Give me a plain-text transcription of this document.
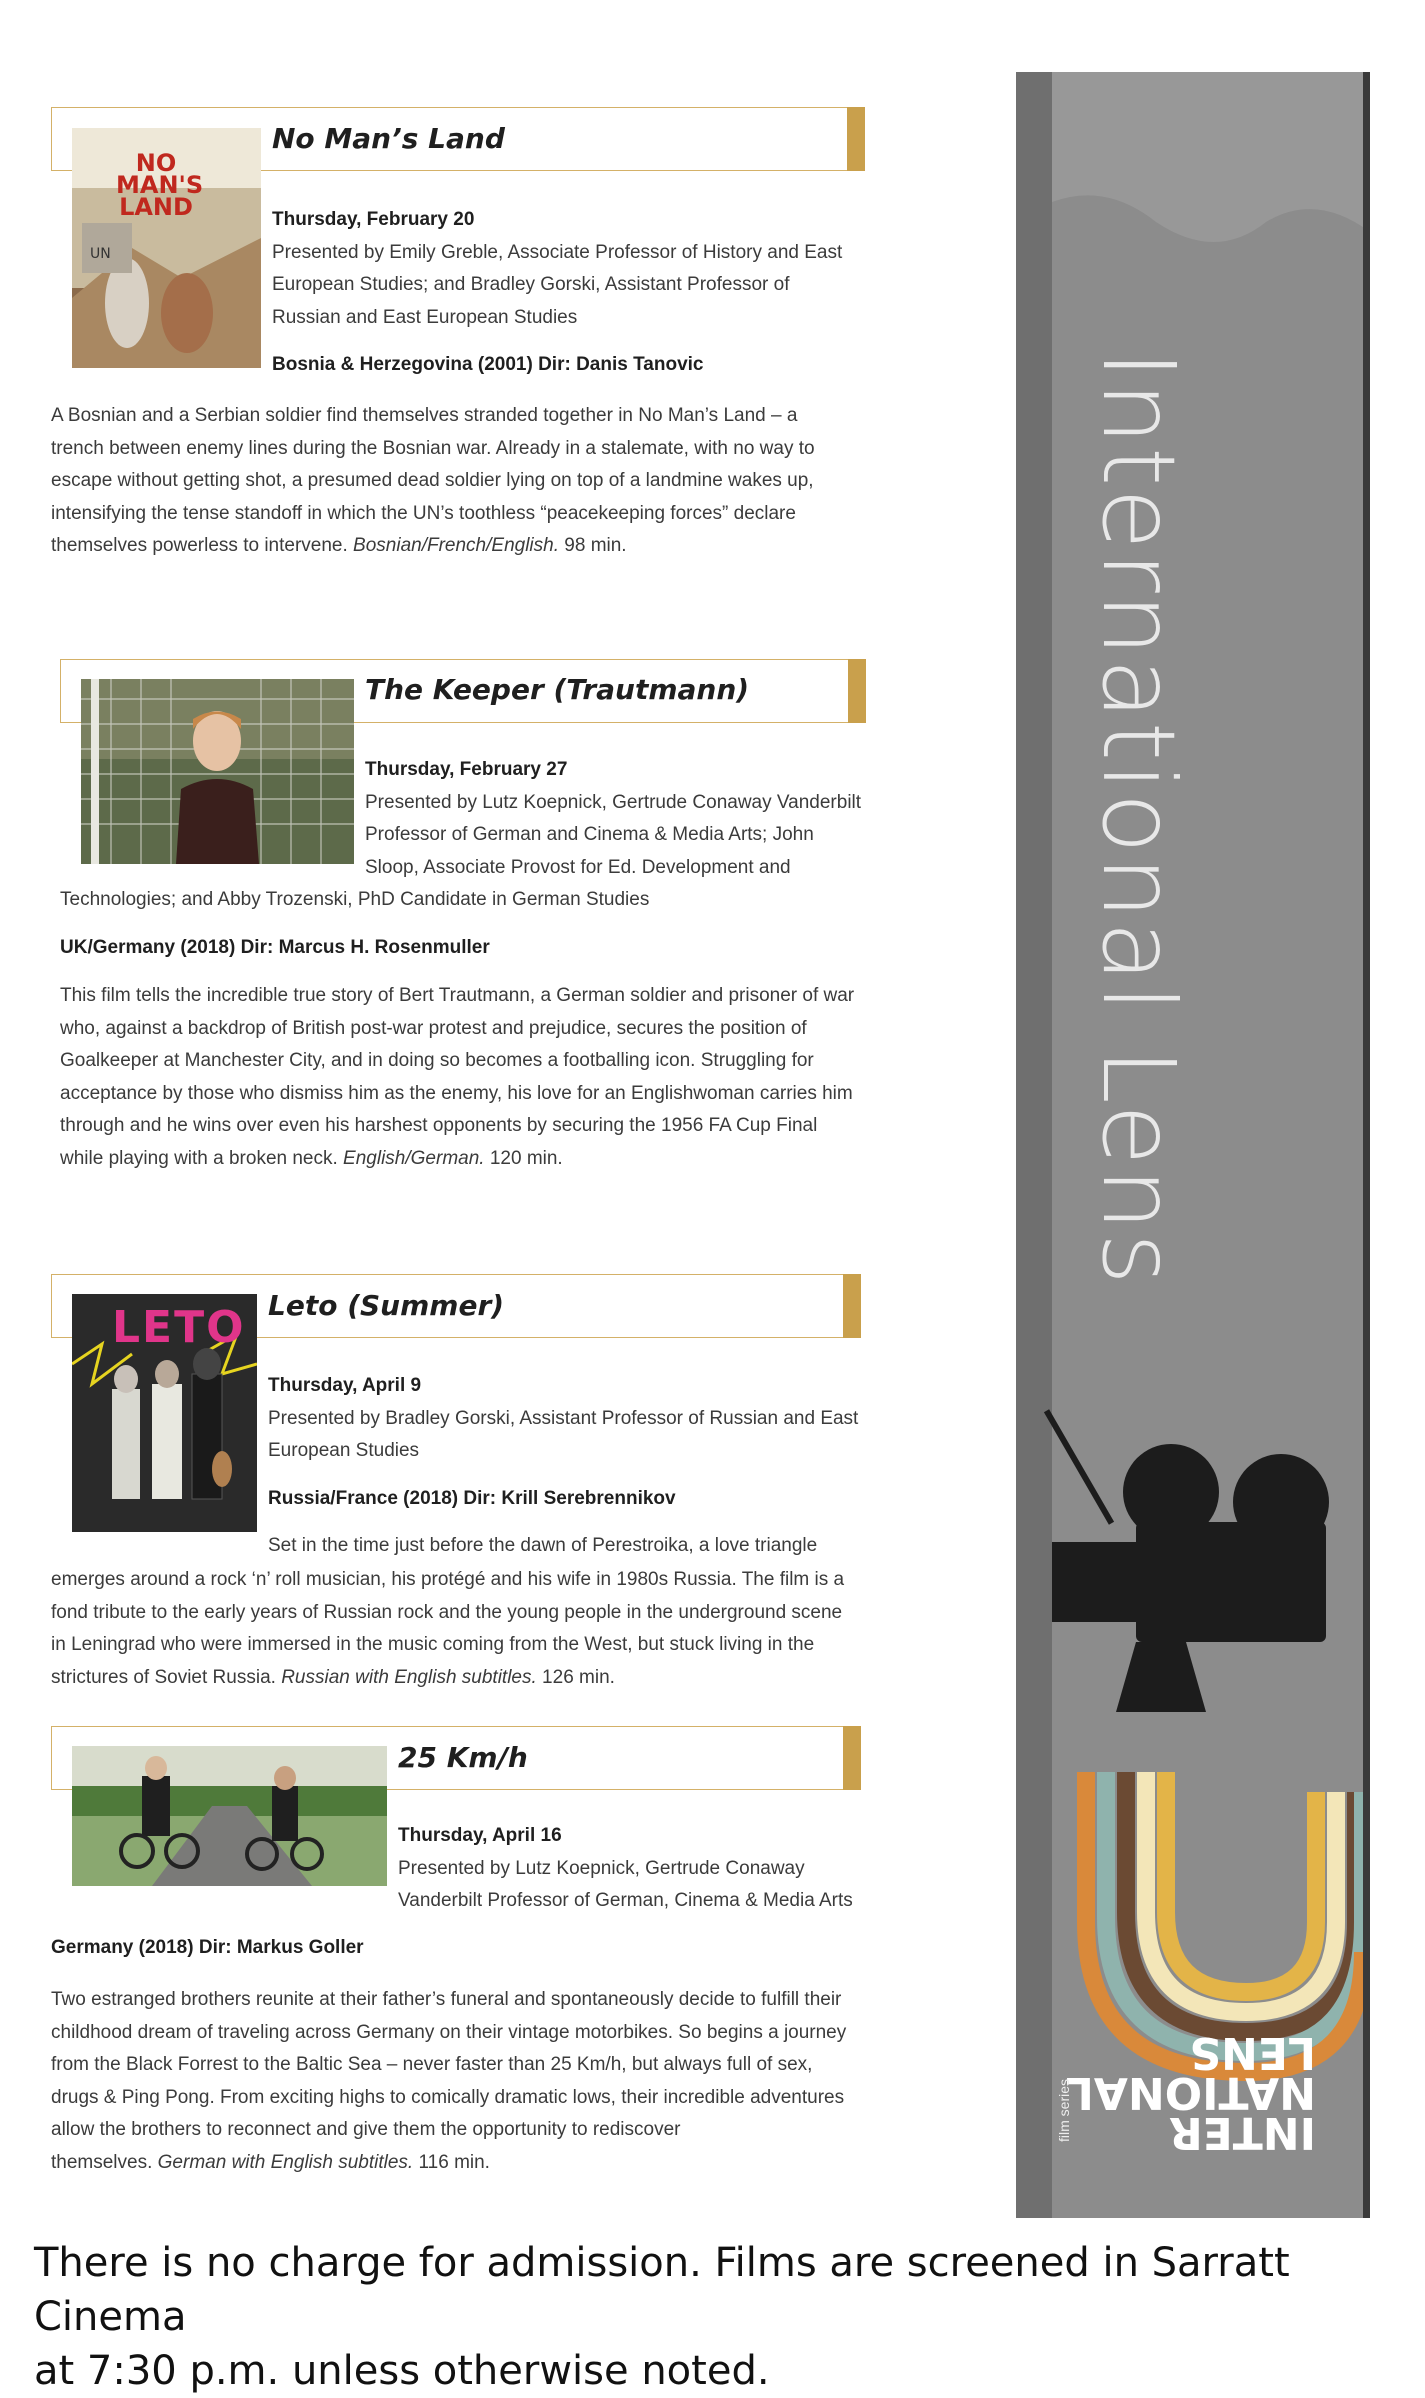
UN
NO MAN'S LAND
No Man’s Land
Thursday, February 20
Presented by Emily Greble, Associate Professor of History and East
European Studies; and Bradley Gorski, Assistant Professor of
Russian and East European Studies
Bosnia & Herzegovina (2001) Dir: Danis Tanovic
A Bosnian and a Serbian soldier find themselves stranded together in No Man’s Land – a
trench between enemy lines during the Bosnian war. Already in a stalemate, with no way to
escape without getting shot, a presumed dead soldier lying on top of a landmine wakes up,
intensifying the tense standoff in which the UN’s toothless “peacekeeping forces” declare
themselves powerless to intervene. Bosnian/French/English. 98 min.
The Keeper (Trautmann)
Thursday, February 27
Presented by Lutz Koepnick, Gertrude Conaway Vanderbilt
Professor of German and Cinema & Media Arts; John
Sloop, Associate Provost for Ed. Development and
Technologies; and Abby Trozenski, PhD Candidate in German Studies
UK/Germany (2018) Dir: Marcus H. Rosenmuller
This film tells the incredible true story of Bert Trautmann, a German soldier and prisoner of war
who, against a backdrop of British post-war protest and prejudice, secures the position of
Goalkeeper at Manchester City, and in doing so becomes a footballing icon. Struggling for
acceptance by those who dismiss him as the enemy, his love for an Englishwoman carries him
through and he wins over even his harshest opponents by securing the 1956 FA Cup Final
while playing with a broken neck. English/German. 120 min.
LETO Leto (Summer)
Thursday, April 9
Presented by Bradley Gorski, Assistant Professor of Russian and East
European Studies
Russia/France (2018) Dir: Krill Serebrennikov
Set in the time just before the dawn of Perestroika, a love triangle
emerges around a rock ‘n’ roll musician, his protégé and his wife in 1980s Russia. The film is a
fond tribute to the early years of Russian rock and the young people in the underground scene
in Leningrad who were immersed in the music coming from the West, but stuck living in the
strictures of Soviet Russia. Russian with English subtitles. 126 min.
25 Km/h
Thursday, April 16
Presented by Lutz Koepnick, Gertrude Conaway
Vanderbilt Professor of German, Cinema & Media Arts
Germany (2018) Dir: Markus Goller
Two estranged brothers reunite at their father’s funeral and spontaneously decide to fulfill their
childhood dream of traveling across Germany on their vintage motorbikes. So begins a journey
from the Black Forrest to the Baltic Sea – never faster than 25 Km/h, but always full of sex,
drugs & Ping Pong. From exciting highs to comically dramatic lows, their incredible adventures
allow the brothers to reconnect and give them the opportunity to rediscover
themselves. German with English subtitles. 116 min.
INTER NATIONAL LENS
film series
International Lens
There is no charge for admission. Films are screened in Sarratt Cinema
at 7:30 p.m. unless otherwise noted.
